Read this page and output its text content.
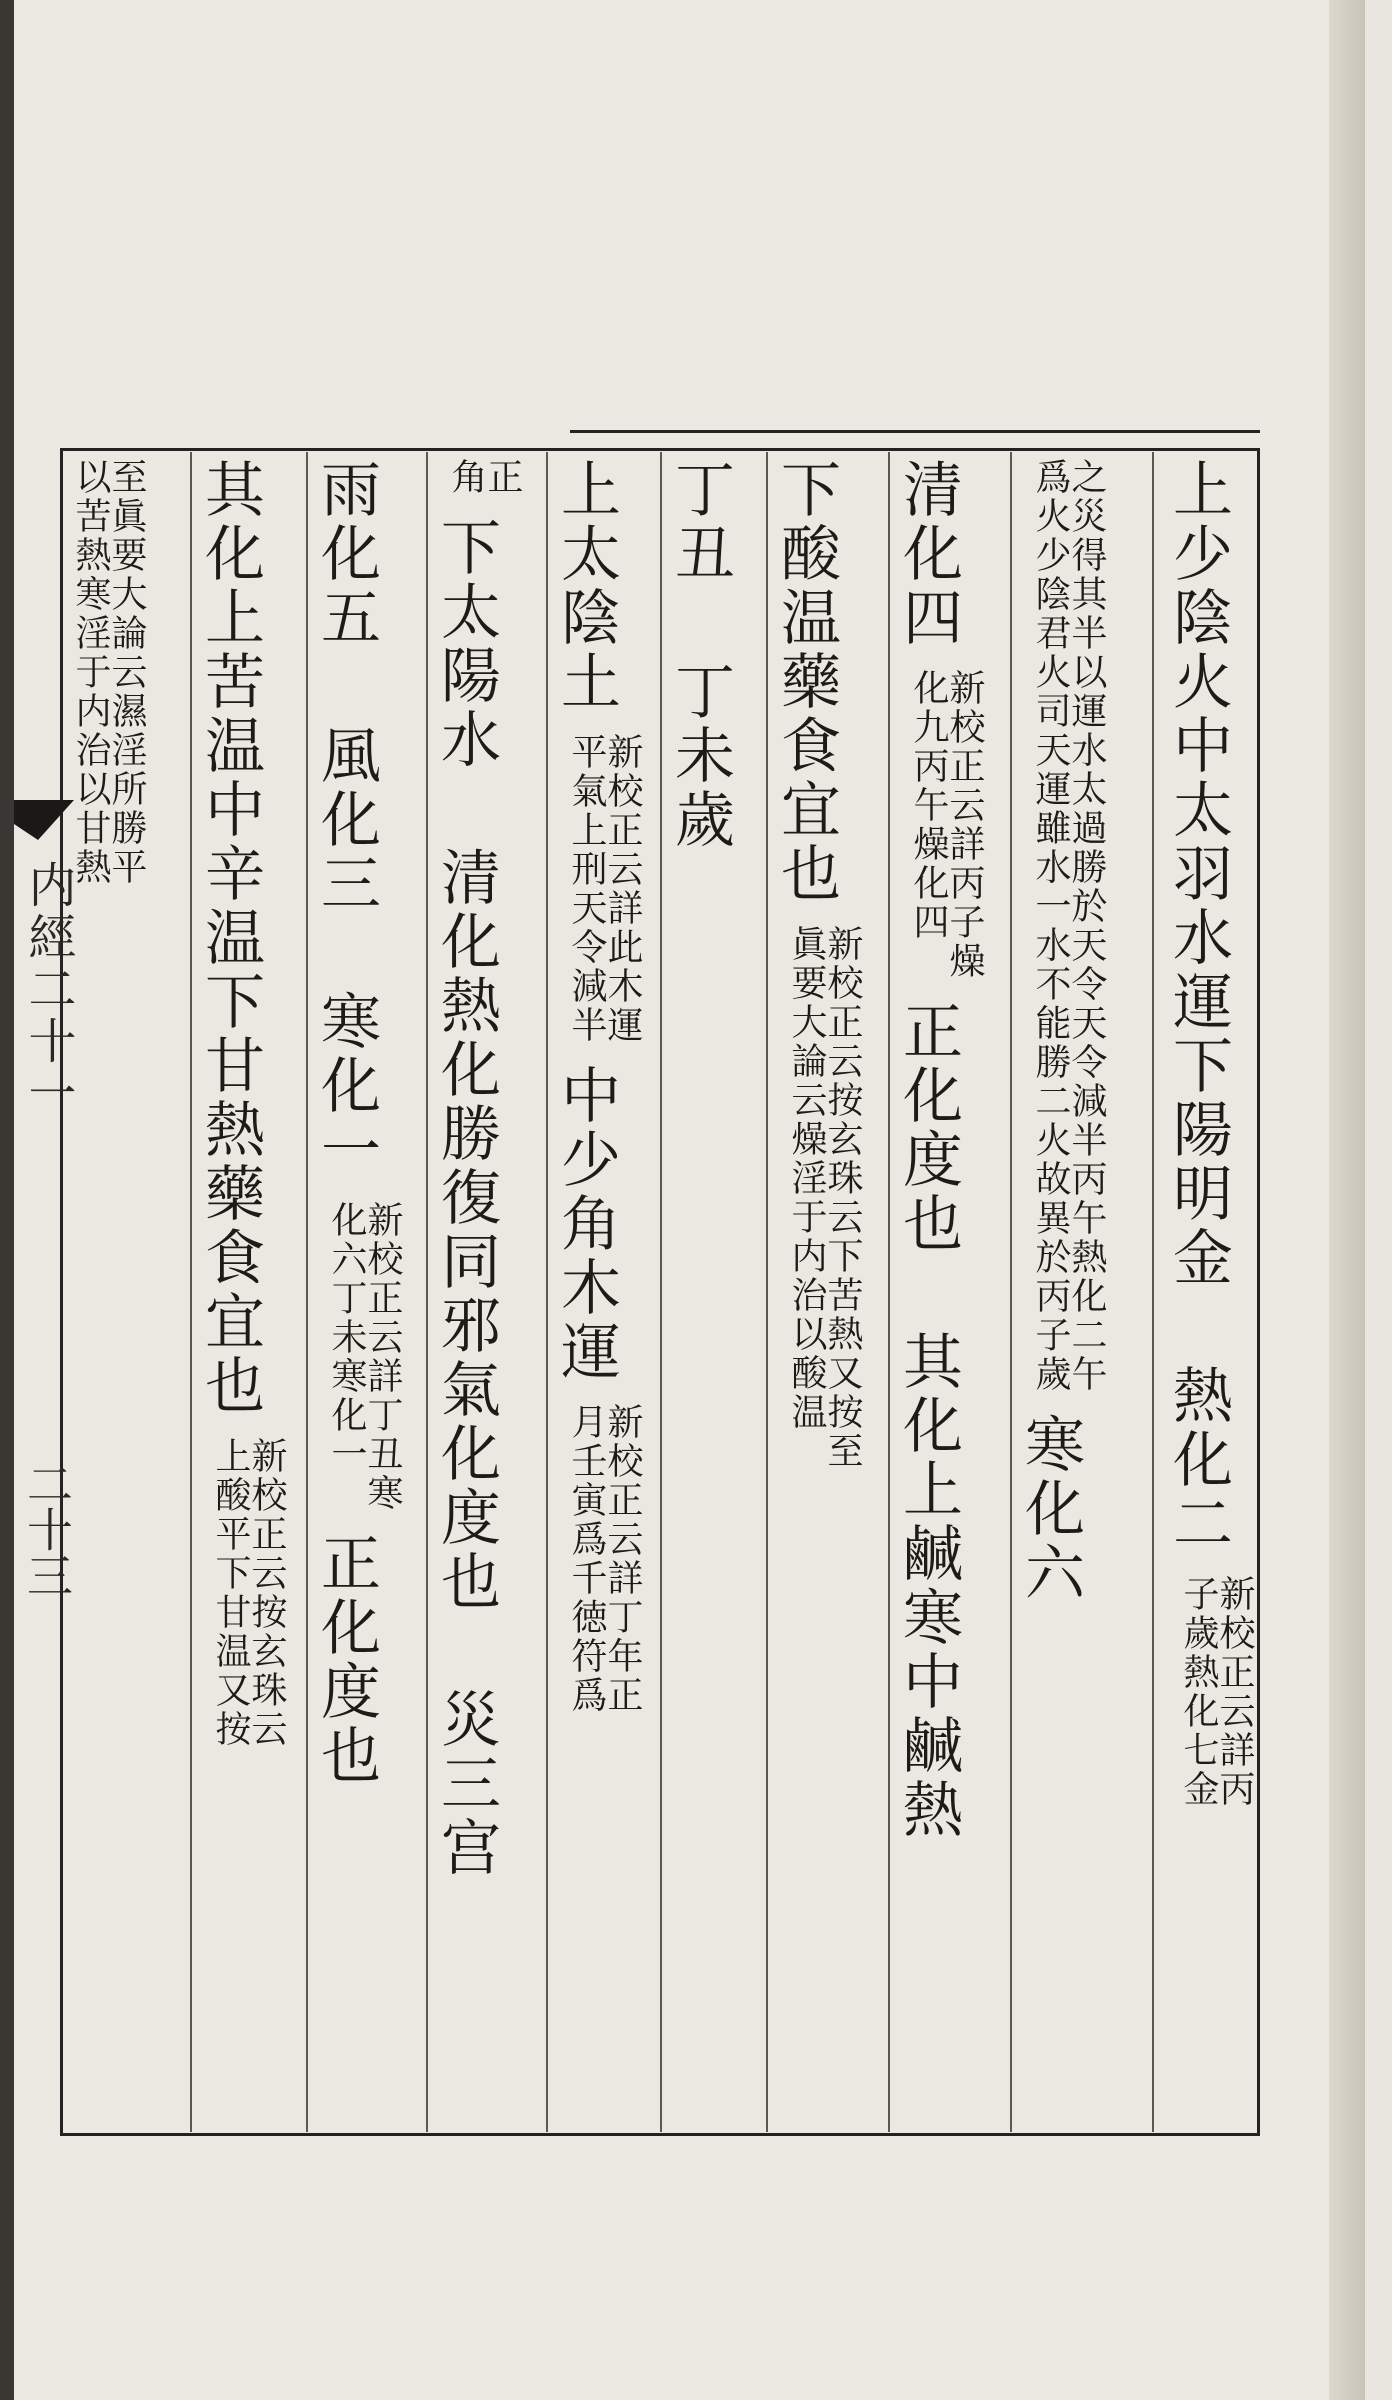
内經二十一
二十三	上少陰火中太羽水運下陽明金 熱化二
新校正云詳丙
子歲熱化七金
之災得其半以運水太過勝於天令天令減半丙午熱化二午
爲火少陰君火司天運雖水一水不能勝二火故異於丙子歲
寒化六
清化四
新校正云詳丙子燥
化九丙午燥化四
正化度也 其化上鹹寒中鹹熱
下酸温藥食宜也
新校正云按玄珠云下苦熱又按至
眞要大論云燥淫于内治以酸温
丁丑 丁未歲
上太陰土
新校正云詳此木運
平氣上刑天令減半
中少角木運
新校正云詳丁年正
月壬寅爲千徳符爲
正
角
下太陽水 清化熱化勝復同邪氣化度也 災三宫
雨化五 風化三 寒化一
新校正云詳丁丑寒
化六丁未寒化一
正化度也
其化上苦温中辛温下甘熱藥食宜也
新校正云按玄珠云
上酸平下甘温又按
至眞要大論云濕淫所勝平
以苦熱寒淫于内治以甘熱
